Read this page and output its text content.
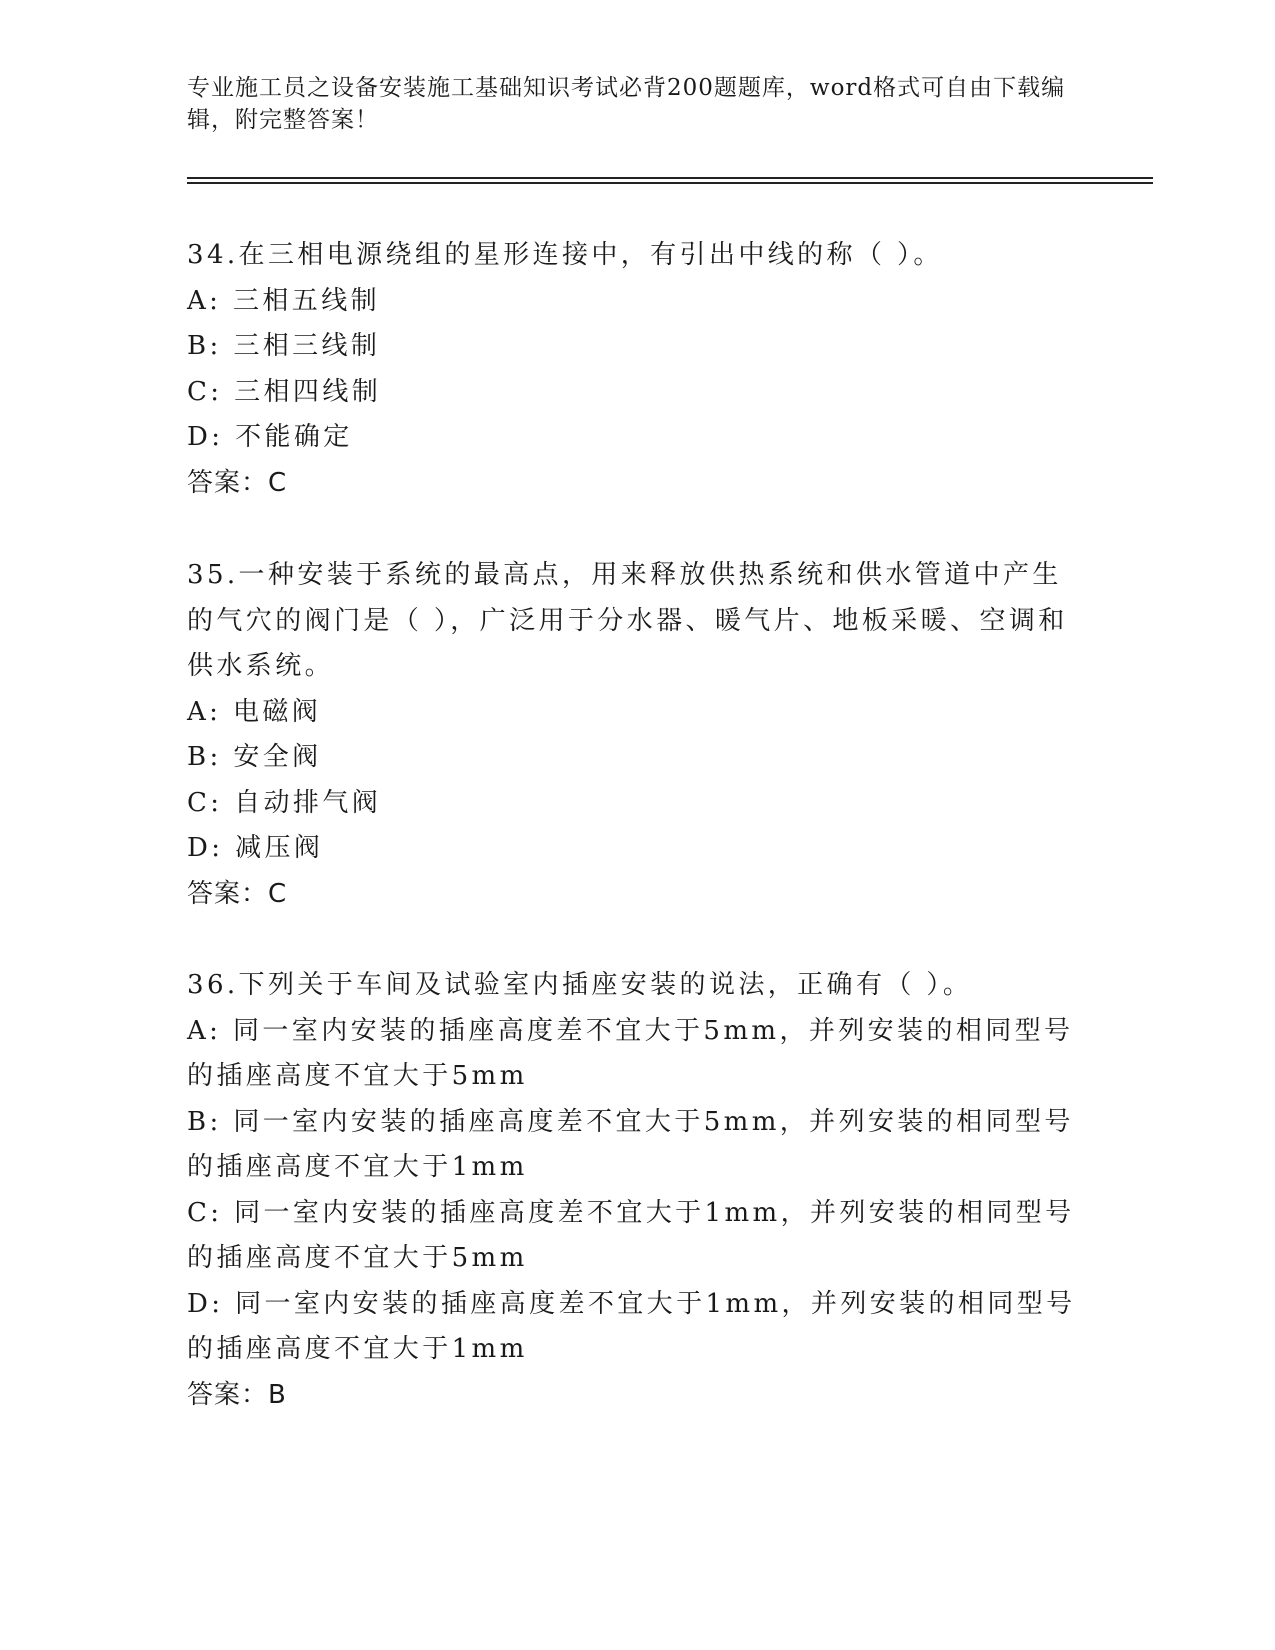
专业施工员之设备安装施工基础知识考试必背200题题库，word格式可自由下载编辑，附完整答案！

34.在三相电源绕组的星形连接中，有引出中线的称（ ）。

A: 三相五线制

B: 三相三线制

C: 三相四线制

D: 不能确定

答案：C

35.一种安装于系统的最高点，用来释放供热系统和供水管道中产生的气穴的阀门是（ ），广泛用于分水器、暖气片、地板采暖、空调和供水系统。

A: 电磁阀

B: 安全阀

C: 自动排气阀

D: 减压阀

答案：C

36.下列关于车间及试验室内插座安装的说法，正确有（ ）。

A: 同一室内安装的插座高度差不宜大于5mm，并列安装的相同型号的插座高度不宜大于5mm

B: 同一室内安装的插座高度差不宜大于5mm，并列安装的相同型号的插座高度不宜大于1mm

C: 同一室内安装的插座高度差不宜大于1mm，并列安装的相同型号的插座高度不宜大于5mm

D: 同一室内安装的插座高度差不宜大于1mm，并列安装的相同型号的插座高度不宜大于1mm

答案：B
